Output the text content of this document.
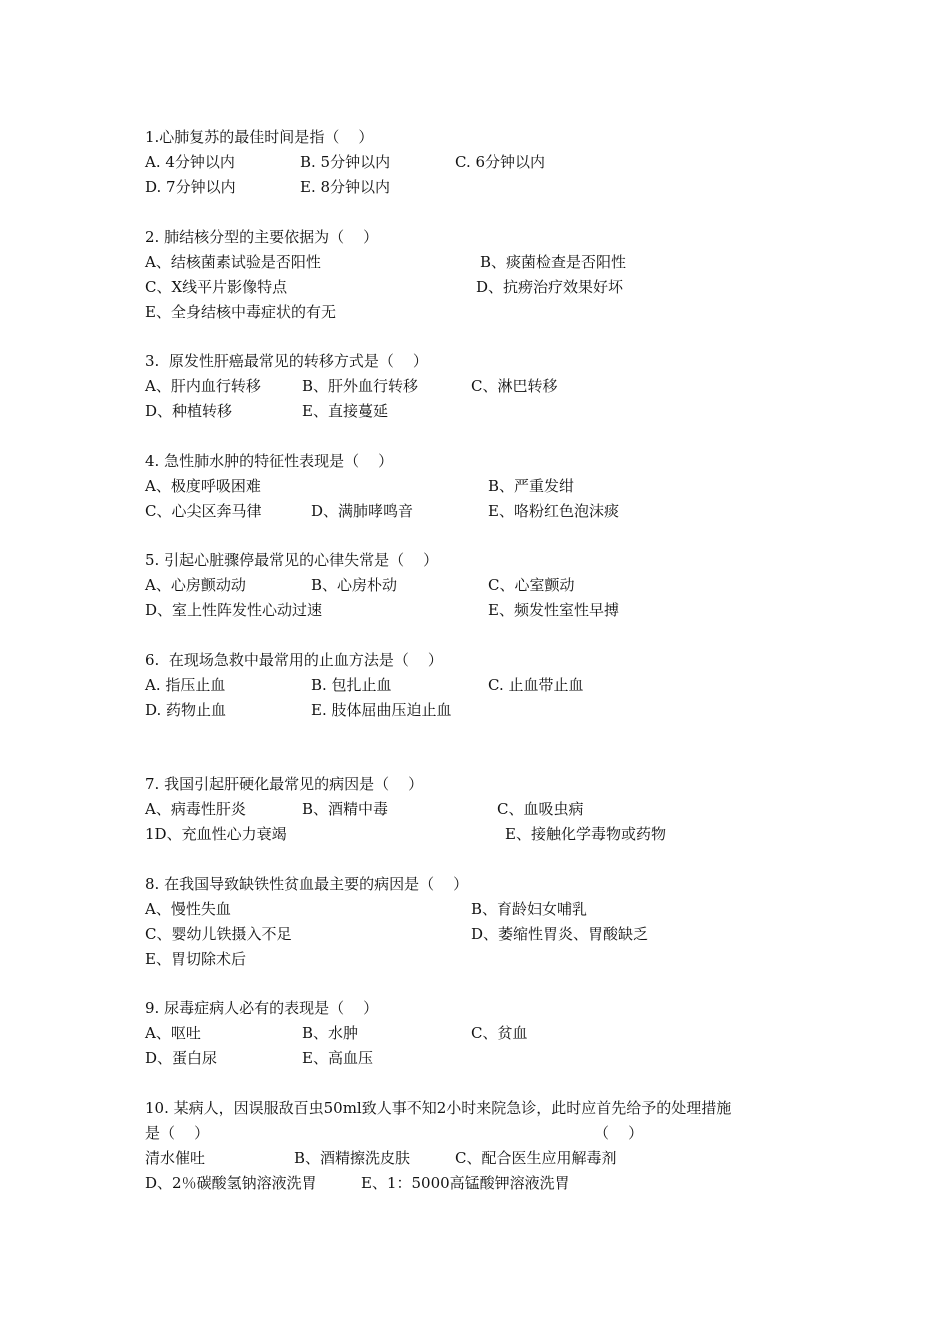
1.心肺复苏的最佳时间是指（    ）
A. 4分钟以内	B. 5分钟以内	C. 6分钟以内
D. 7分钟以内	E. 8分钟以内
2. 肺结核分型的主要依据为（    ）
A、结核菌素试验是否阳性	B、痰菌检查是否阳性
C、X线平片影像特点	D、抗痨治疗效果好坏
E、全身结核中毒症状的有无
3.  原发性肝癌最常见的转移方式是（    ）
A、肝内血行转移	B、肝外血行转移	C、淋巴转移
D、种植转移	E、直接蔓延
4. 急性肺水肿的特征性表现是（    ）
A、极度呼吸困难	B、严重发绀
C、心尖区奔马律	D、满肺哮鸣音	E、咯粉红色泡沫痰
5. 引起心脏骤停最常见的心律失常是（    ）
A、心房颤动动	B、心房朴动	C、心室颤动
D、室上性阵发性心动过速	E、频发性室性早搏
6.  在现场急救中最常用的止血方法是（    ）
A. 指压止血	B. 包扎止血	C. 止血带止血
D. 药物止血	E. 肢体屈曲压迫止血
7. 我国引起肝硬化最常见的病因是（    ）
A、病毒性肝炎	B、酒精中毒	C、血吸虫病
1D、充血性心力衰竭	E、接触化学毒物或药物
8. 在我国导致缺铁性贫血最主要的病因是（    ）
A、慢性失血	B、育龄妇女哺乳
C、婴幼儿铁摄入不足	D、萎缩性胃炎、胃酸缺乏
E、胃切除术后
9. 尿毒症病人必有的表现是（    ）
A、呕吐	B、水肿	C、贫血
D、蛋白尿	E、高血压
10. 某病人，因误服敌百虫50ml致人事不知2小时来院急诊，此时应首先给予的处理措施
是（    ）	（    ）
清水催吐	B、酒精擦洗皮肤	C、配合医生应用解毒剂
D、2％碳酸氢钠溶液洗胃	E、1：5000高锰酸钾溶液洗胃
